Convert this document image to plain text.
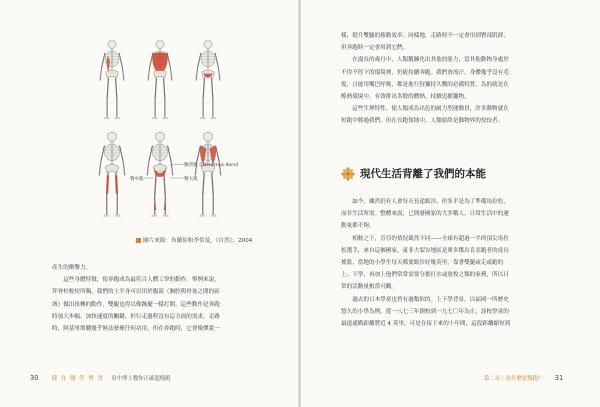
腰背肌 (latissimus dorsi)
臀中肌	臀大肌
圖片來源：布蘭伯和李伯曼，《自然》，2004

產生的衝擊力。

　　這些身體特徵，使奔跑成為最符合人體工學的動作。舉例來說，

拜脊柱較短所賜，我們的上半身可以用於腹部（胸腔與骨盆之間的區

域）做出扭轉的動作，雙腿也得以像鐘擺一樣打開。這些動作是奔跑

時加大步幅、加快速度的關鍵，但行走過程沒有這方面的需求。走路

時，阿基里斯腱幾乎無法發揮任何功用，但在奔跑時，它會像彈簧一

30 健 身 醫 學 博 書 田中博士教你正確超慢跑

樣，提升雙腿的移動效率。同樣地，走路時不一定會用到臀部肌群，

但奔跑時一定會用到它們。

　　在漫長的歲月中，人類鍛鍊化出其他的能力，當其他動物身處於

不得不停下的環境裡，仍能持續奔跑。我們會流汗，身體幾乎沒有毛

髮，且能用嘴巴呼吸，都是進行狩獵持久戰的必備特質，為的就是在

酷熱環境中，有效排出多餘的體熱，持續追捕獵物。

　　這些生理特性，使人類成為出色的耐力型運動員，許多動物就在

短跑中勝過我們，但在長跑領域中，人類始終是動物界的佼佼者。

現代生活背離了我們的本能

　　如今，雖然仍有人會每天長途跋涉，但多半是為了準備馬拉松，

而非生活所需。整體來說，已開發國家的大多數人，日常生活中的運

動量都不夠。

　　相較之下，肯亞的情況截然不同——全球有超過一半的頂尖馬拉

松選手，來自這個國家。東非大裂谷地區是眾多傑出肯亞跑者的成長

搖籃，當地的小學生每天都要跋涉好幾英里，靠著雙腿或走或跑的

上、下學，再加上他們常常需要分擔打水或放牧之類的家務，所以日

常的活動量相當可觀。

　　過去的日本學童也曾有過類似的。上下學背景，以福岡一所歷史

悠久的小學為例，從一八七三年創校到一九七〇年為止，該校學童的

最遠通勤距離將近 4 英里，可是在接下來的十年間，這段距離縮短到

第二章｜為什麼要慢跑？ 31
